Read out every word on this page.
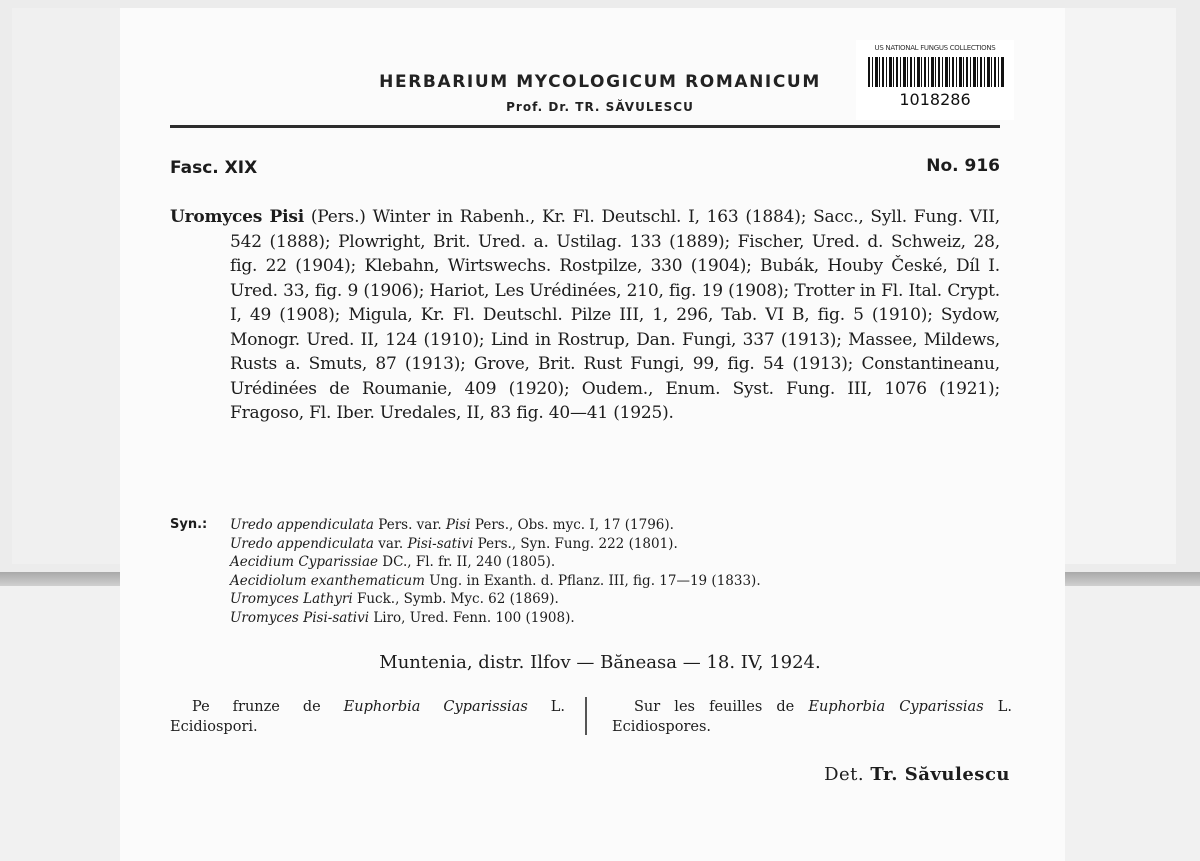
HERBARIUM MYCOLOGICUM ROMANICUM
Prof. Dr. TR. SĂVULESCU
US NATIONAL FUNGUS COLLECTIONS
1018286
Fasc. XIX	No. 916
Uromyces Pisi (Pers.) Winter in Rabenh., Kr. Fl. Deutschl. I, 163 (1884); Sacc., Syll. Fung. VII, 542 (1888); Plowright, Brit. Ured. a. Ustilag. 133 (1889); Fischer, Ured. d. Schweiz, 28, fig. 22 (1904); Klebahn, Wirtswechs. Rostpilze, 330 (1904); Bubák, Houby České, Díl I. Ured. 33, fig. 9 (1906); Hariot, Les Urédinées, 210, fig. 19 (1908); Trotter in Fl. Ital. Crypt. I, 49 (1908); Migula, Kr. Fl. Deutschl. Pilze III, 1, 296, Tab. VI B, fig. 5 (1910); Sydow, Monogr. Ured. II, 124 (1910); Lind in Rostrup, Dan. Fungi, 337 (1913); Massee, Mildews, Rusts a. Smuts, 87 (1913); Grove, Brit. Rust Fungi, 99, fig. 54 (1913); Constantineanu, Urédinées de Roumanie, 409 (1920); Oudem., Enum. Syst. Fung. III, 1076 (1921); Fragoso, Fl. Iber. Uredales, II, 83 fig. 40—41 (1925).
Syn.: Uredo appendiculata Pers. var. Pisi Pers., Obs. myc. I, 17 (1796).
Uredo appendiculata var. Pisi-sativi Pers., Syn. Fung. 222 (1801).
Aecidium Cyparissiae DC., Fl. fr. II, 240 (1805).
Aecidiolum exanthematicum Ung. in Exanth. d. Pflanz. III, fig. 17—19 (1833).
Uromyces Lathyri Fuck., Symb. Myc. 62 (1869).
Uromyces Pisi-sativi Liro, Ured. Fenn. 100 (1908).
Muntenia, distr. Ilfov — Băneasa — 18. IV, 1924.
Pe frunze de Euphorbia Cyparissias L. Ecidiospori.
Sur les feuilles de Euphorbia Cyparissias L. Ecidiospores.
Det. Tr. Săvulescu
